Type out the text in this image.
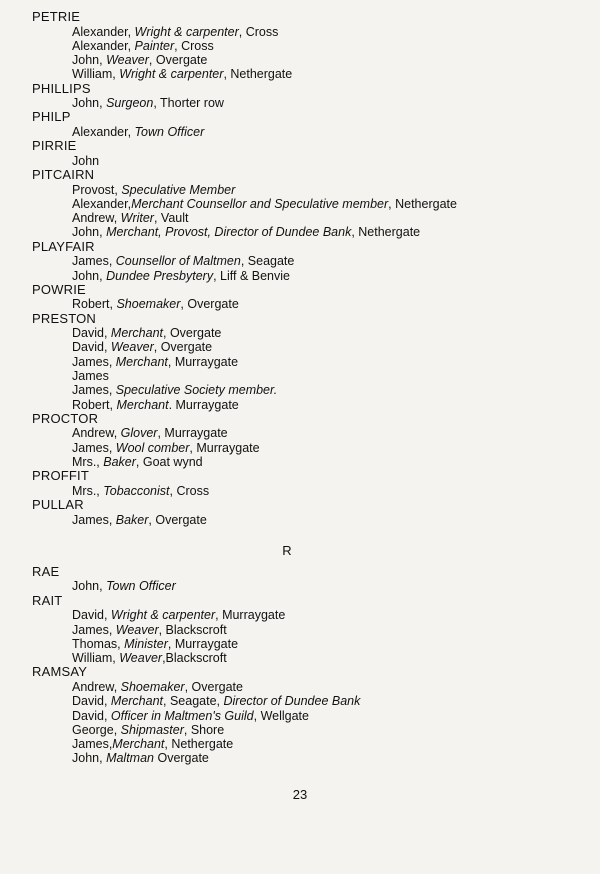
PETRIE
Alexander, Wright & carpenter, Cross
Alexander, Painter, Cross
John, Weaver, Overgate
William, Wright & carpenter, Nethergate
PHILLIPS
John, Surgeon, Thorter row
PHILP
Alexander, Town Officer
PIRRIE
John
PITCAIRN
Provost, Speculative Member
Alexander,Merchant Counsellor and Speculative member, Nethergate
Andrew, Writer, Vault
John, Merchant, Provost, Director of Dundee Bank, Nethergate
PLAYFAIR
James, Counsellor of Maltmen, Seagate
John, Dundee Presbytery, Liff & Benvie
POWRIE
Robert, Shoemaker, Overgate
PRESTON
David, Merchant, Overgate
David, Weaver, Overgate
James, Merchant, Murraygate
James
James, Speculative Society member.
Robert, Merchant. Murraygate
PROCTOR
Andrew, Glover, Murraygate
James, Wool comber, Murraygate
Mrs., Baker, Goat wynd
PROFFIT
Mrs., Tobacconist, Cross
PULLAR
James, Baker, Overgate
R
RAE
John, Town Officer
RAIT
David, Wright & carpenter, Murraygate
James, Weaver, Blackscroft
Thomas, Minister, Murraygate
William, Weaver,Blackscroft
RAMSAY
Andrew, Shoemaker, Overgate
David, Merchant, Seagate, Director of Dundee Bank
David, Officer in Maltmen's Guild, Wellgate
George, Shipmaster, Shore
James,Merchant, Nethergate
John, Maltman Overgate
23
